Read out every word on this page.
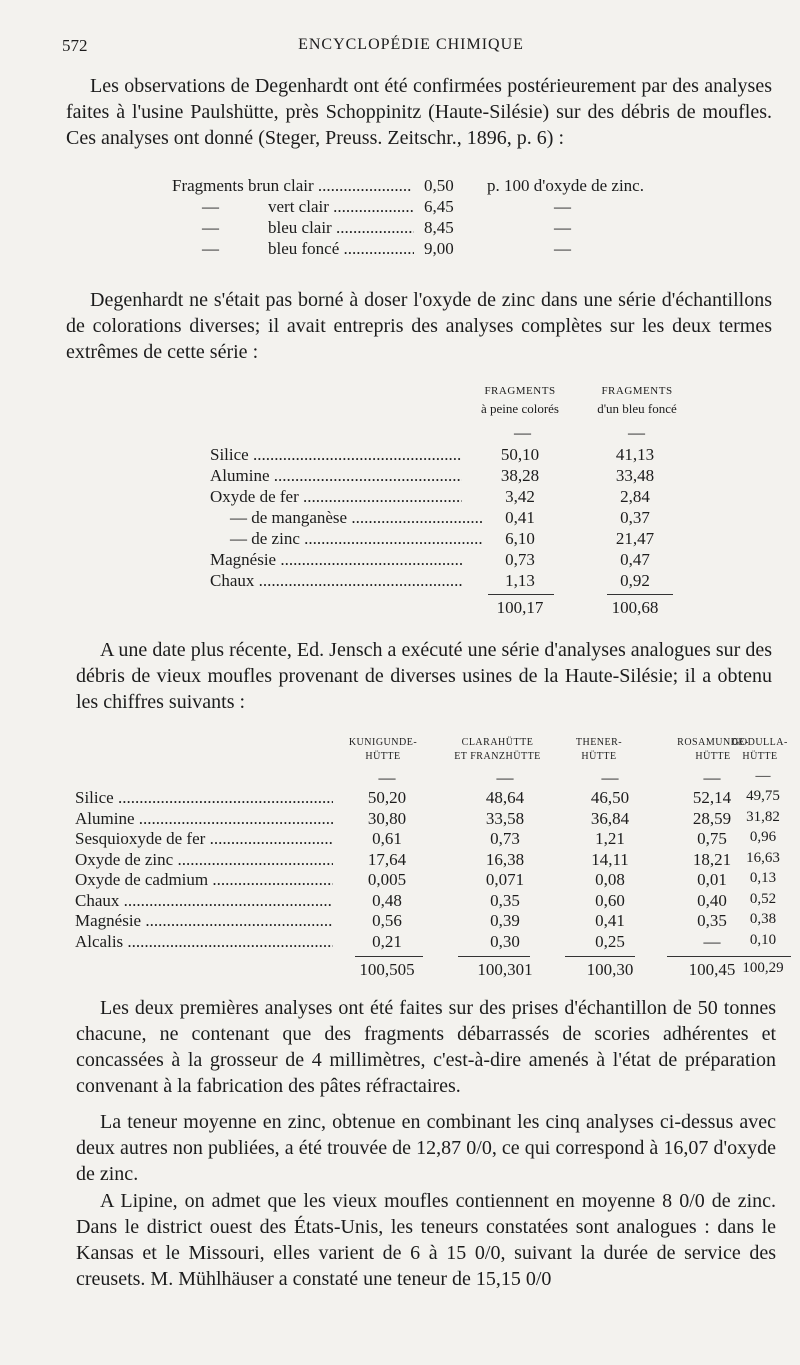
572	ENCYCLOPÉDIE CHIMIQUE

Les observations de Degenhardt ont été confirmées postérieurement par des analyses faites à l'usine Paulshütte, près Schoppinitz (Haute-Silésie) sur des débris de moufles. Ces analyses ont donné (Steger, Preuss. Zeitschr., 1896, p. 6) :

Fragments brun clair .....	0,50 p. 100 d'oxyde de zinc.
—	vert clair .....	6,45	—
—	bleu clair .....	8,45	—
—	bleu foncé .....	9,00	—

Degenhardt ne s'était pas borné à doser l'oxyde de zinc dans une série d'échantillons de colorations diverses; il avait entrepris des analyses complètes sur les deux termes extrêmes de cette série :

FRAGMENTS
à peine colorés
FRAGMENTS
d'un bleu foncé
—	—
Silice .....	50,10	41,13
Alumine .....	38,28	33,48
Oxyde de fer .....	3,42	2,84
— de manganèse .....	0,41	0,37
— de zinc .....	6,10	21,47
Magnésie .....	0,73	0,47
Chaux .....	1,13	0,92
100,17	100,68

A une date plus récente, Ed. Jensch a exécuté une série d'analyses analogues sur des débris de vieux moufles provenant de diverses usines de la Haute-Silésie; il a obtenu les chiffres suivants :

KUNIGUNDE-
HÜTTE
CLARAHÜTTE
ET FRANZHÜTTE
THENER-
HÜTTE
ROSAMUNDE-
HÜTTE
GODULLA-
HÜTTE
—	—	—	—	—
Silice .....	50,20	48,64	46,50	52,14	49,75
Alumine .....	30,80	33,58	36,84	28,59	31,82
Sesquioxyde de fer .....	0,61	0,73	1,21	0,75	0,96
Oxyde de zinc .....	17,64	16,38	14,11	18,21	16,63
Oxyde de cadmium .....	0,005	0,071	0,08	0,01	0,13
Chaux .....	0,48	0,35	0,60	0,40	0,52
Magnésie .....	0,56	0,39	0,41	0,35	0,38
Alcalis .....	0,21	0,30	0,25	—	0,10
100,505	100,301	100,30	100,45 100,29

Les deux premières analyses ont été faites sur des prises d'échantillon de 50 tonnes chacune, ne contenant que des fragments débarrassés de scories adhérentes et concassées à la grosseur de 4 millimètres, c'est-à-dire amenés à l'état de préparation convenant à la fabrication des pâtes réfractaires.

La teneur moyenne en zinc, obtenue en combinant les cinq analyses ci-dessus avec deux autres non publiées, a été trouvée de 12,87 0/0, ce qui correspond à 16,07 d'oxyde de zinc.

A Lipine, on admet que les vieux moufles contiennent en moyenne 8 0/0 de zinc. Dans le district ouest des États-Unis, les teneurs constatées sont analogues : dans le Kansas et le Missouri, elles varient de 6 à 15 0/0, suivant la durée de service des creusets. M. Mühlhäuser a constaté une teneur de 15,15 0/0
